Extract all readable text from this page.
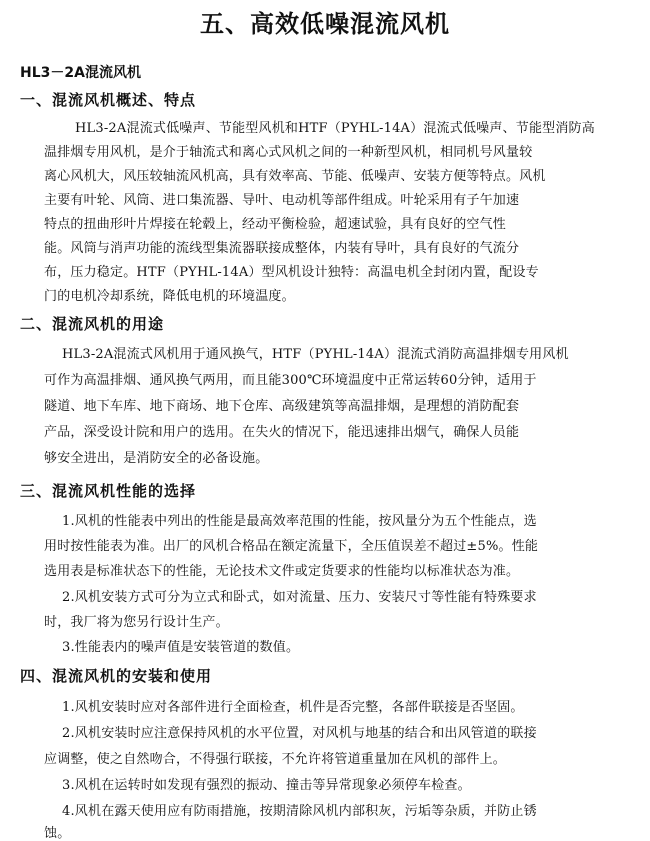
五、高效低噪混流风机
HL3－2A混流风机
一、混流风机概述、特点
HL3-2A混流式低噪声、节能型风机和HTF（PYHL-14A）混流式低噪声、节能型消防高
温排烟专用风机，是介于轴流式和离心式风机之间的一种新型风机，相同机号风量较
离心风机大，风压较轴流风机高，具有效率高、节能、低噪声、安装方便等特点。风机
主要有叶轮、风筒、进口集流器、导叶、电动机等部件组成。叶轮采用有子午加速
特点的扭曲形叶片焊接在轮毂上，经动平衡检验，超速试验，具有良好的空气性
能。风筒与消声功能的流线型集流器联接成整体，内装有导叶，具有良好的气流分
布，压力稳定。HTF（PYHL-14A）型风机设计独特：高温电机全封闭内置，配设专
门的电机冷却系统，降低电机的环境温度。
二、混流风机的用途
HL3-2A混流式风机用于通风换气，HTF（PYHL-14A）混流式消防高温排烟专用风机
可作为高温排烟、通风换气两用，而且能300℃环境温度中正常运转60分钟，适用于
隧道、地下车库、地下商场、地下仓库、高级建筑等高温排烟，是理想的消防配套
产品，深受设计院和用户的选用。在失火的情况下，能迅速排出烟气，确保人员能
够安全进出，是消防安全的必备设施。
三、混流风机性能的选择
1.风机的性能表中列出的性能是最高效率范围的性能，按风量分为五个性能点，选
用时按性能表为准。出厂的风机合格品在额定流量下，全压值误差不超过±5%。性能
选用表是标准状态下的性能，无论技术文件或定货要求的性能均以标准状态为准。
2.风机安装方式可分为立式和卧式，如对流量、压力、安装尺寸等性能有特殊要求
时，我厂将为您另行设计生产。
3.性能表内的噪声值是安装管道的数值。
四、混流风机的安装和使用
1.风机安装时应对各部件进行全面检查，机件是否完整，各部件联接是否坚固。
2.风机安装时应注意保持风机的水平位置，对风机与地基的结合和出风管道的联接
应调整，使之自然吻合，不得强行联接，不允许将管道重量加在风机的部件上。
3.风机在运转时如发现有强烈的振动、撞击等异常现象必须停车检查。
4.风机在露天使用应有防雨措施，按期清除风机内部积灰，污垢等杂质，并防止锈
蚀。
